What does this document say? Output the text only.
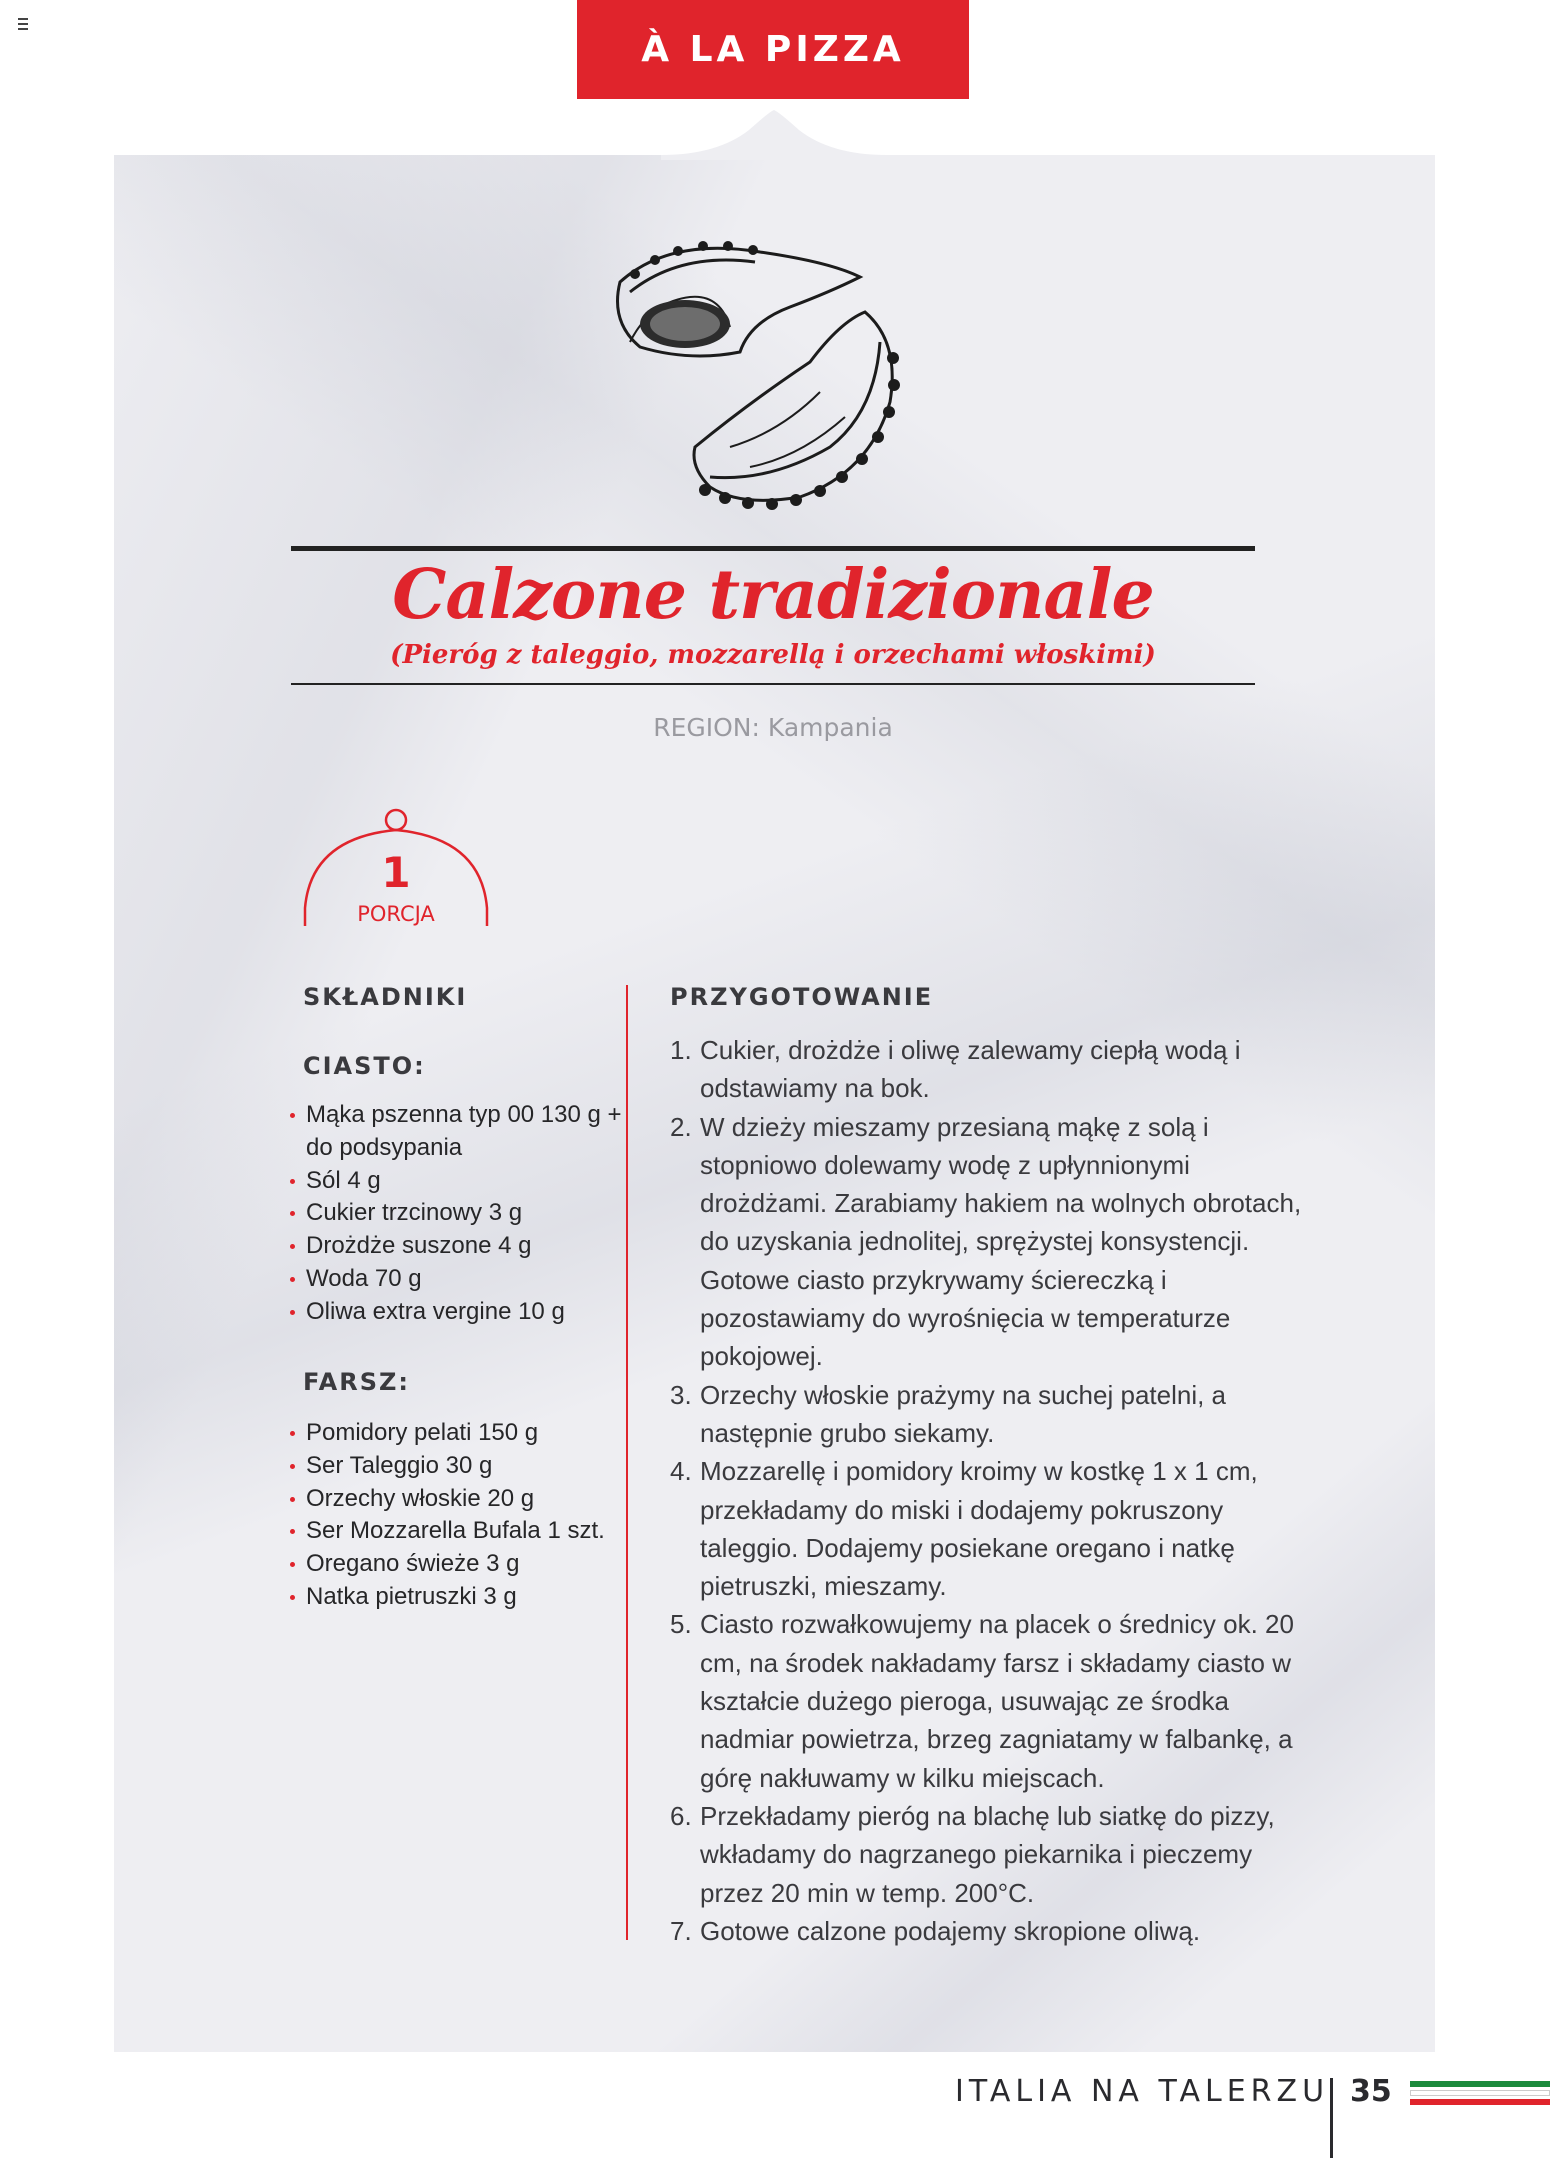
À LA PIZZA
Calzone tradizionale
(Pieróg z taleggio, mozzarellą i orzechami włoskimi)
REGION: Kampania
1
PORCJA
SKŁADNIKI
CIASTO:
Mąka pszenna typ 00 130 g + do podsypania
Sól 4 g
Cukier trzcinowy 3 g
Drożdże suszone 4 g
Woda 70 g
Oliwa extra vergine 10 g
FARSZ:
Pomidory pelati 150 g
Ser Taleggio 30 g
Orzechy włoskie 20 g
Ser Mozzarella Bufala 1 szt.
Oregano świeże 3 g
Natka pietruszki 3 g
PRZYGOTOWANIE
1. Cukier, drożdże i oliwę zalewamy ciepłą wodą i odstawiamy na bok.
2. W dzieży mieszamy przesianą mąkę z solą i stopniowo dolewamy wodę z upłynnionymi drożdżami. Zarabiamy hakiem na wolnych obrotach, do uzyskania jednolitej, sprężystej konsystencji. Gotowe ciasto przykrywamy ściereczką i pozostawiamy do wyrośnięcia w temperaturze pokojowej.
3. Orzechy włoskie prażymy na suchej patelni, a następnie grubo siekamy.
4. Mozzarellę i pomidory kroimy w kostkę 1 x 1 cm, przekładamy do miski i dodajemy pokruszony taleggio. Dodajemy posiekane oregano i natkę pietruszki, mieszamy.
5. Ciasto rozwałkowujemy na placek o średnicy ok. 20 cm, na środek nakładamy farsz i składamy ciasto w kształcie dużego pieroga, usuwając ze środka nadmiar powietrza, brzeg zagniatamy w falbankę, a górę nakłuwamy w kilku miejscach.
6. Przekładamy pieróg na blachę lub siatkę do pizzy, wkładamy do nagrzanego piekarnika i pieczemy przez 20 min w temp. 200°C.
7. Gotowe calzone podajemy skropione oliwą.
ITALIA NA TALERZU 35
